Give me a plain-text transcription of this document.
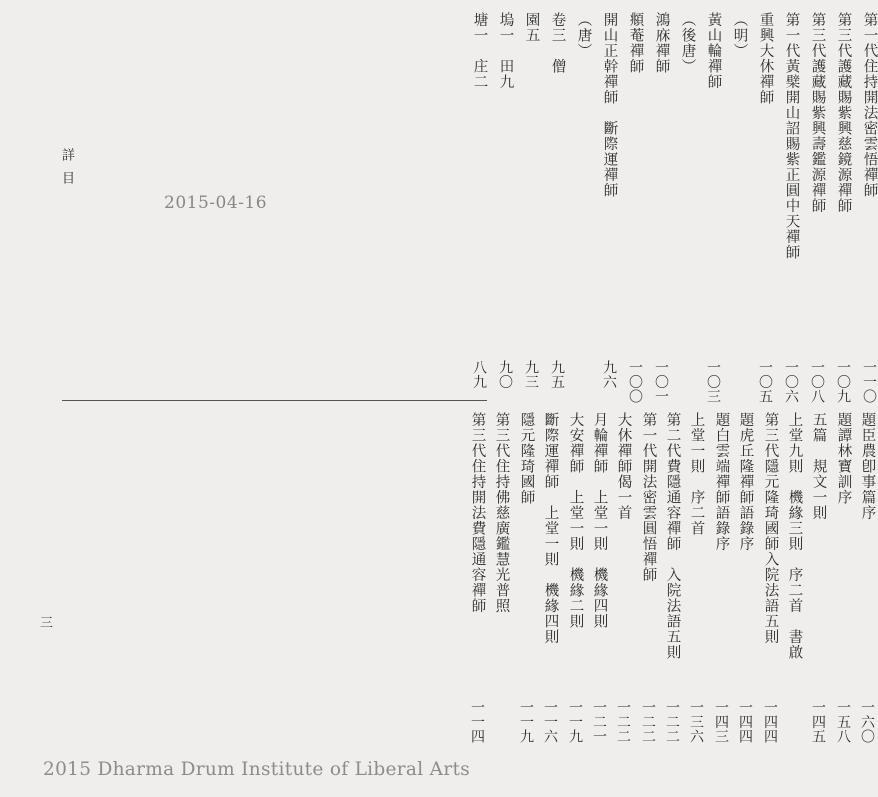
詳目
三
塘一　庄二
八九
塢一　田九
九〇
園五
九三
卷三　僧
九五
（唐） 開山正幹禪師　斷際運禪師
九六
頫菴禪師
一〇〇
鴻庥禪師
一〇一
（後唐） 黃山輪禪師
一〇三
（明） 重興大休禪師
一〇五
第一代黃檗開山詔賜紫正圓中天禪師
一〇六
第三代護藏賜紫興壽鑑源禪師
一〇八
第三代護藏賜紫興慈鏡源禪師
一〇九
第一代住持開法密雲悟禪師
一一〇
第三代住持開法費隱通容禪師
一一四
第三代住持佛慈廣鑑慧光普照 隱元隆琦國師
一一九
斷際運禪師　上堂一則　機緣四則
一一六
大安禪師　上堂一則　機緣二則
一一九
月輪禪師　上堂一則　機緣四則
一二一
大休禪師偈一首
一二二
第一代開法密雲圓悟禪師
一二二
第二代費隱通容禪師　入院法語五則
一二二
上堂一則　序二首
一三六
題白雲端禪師語錄序
一四三
題虎丘隆禪師語錄序
一四四
第三代隱元隆琦國師入院法語五則
一四四
上堂九則　機緣三則　序二首　書啟 五篇　規文一則
一四五
題譚林寶訓序
一五八
題臣農卽事篇序
一六〇
2015-04-16
2015 Dharma Drum Institute of Liberal Arts
